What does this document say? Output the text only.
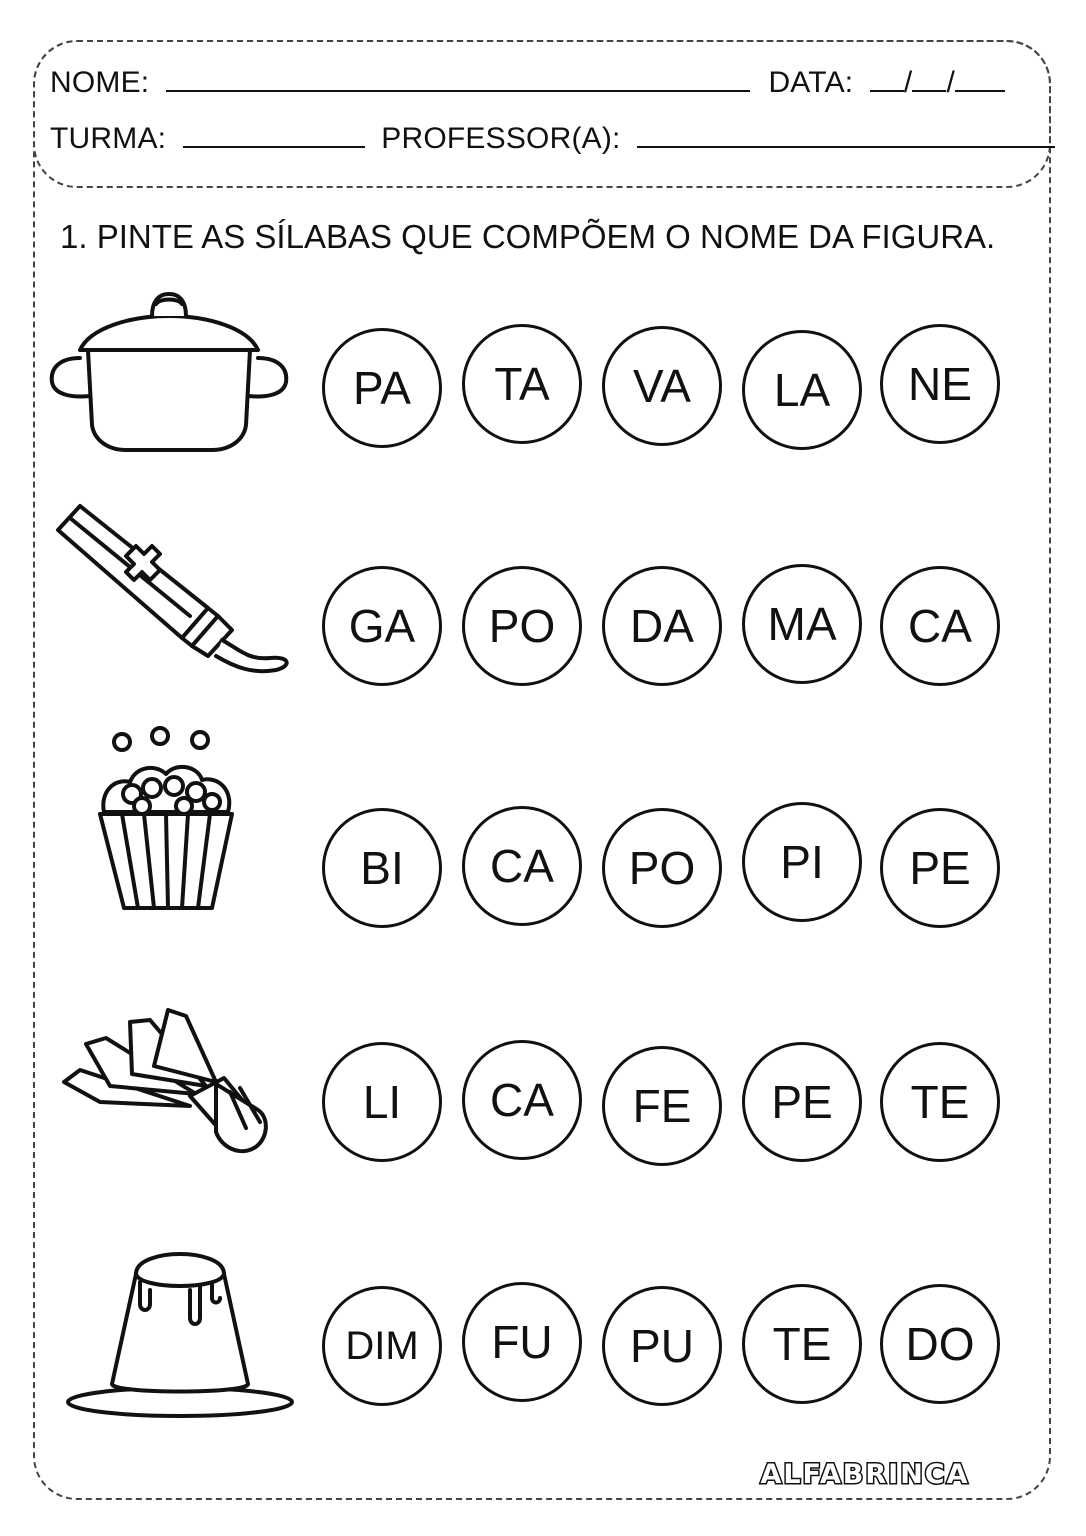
NOME:	DATA: / /
TURMA:	PROFESSOR(A):
1. PINTE AS SÍLABAS QUE COMPÕEM O NOME DA FIGURA.
PA TA VA LA NE
GA PO DA MA CA
BI CA PO PI PE
LI CA FE PE TE
DIM FU PU TE DO
ALFABRINCA
